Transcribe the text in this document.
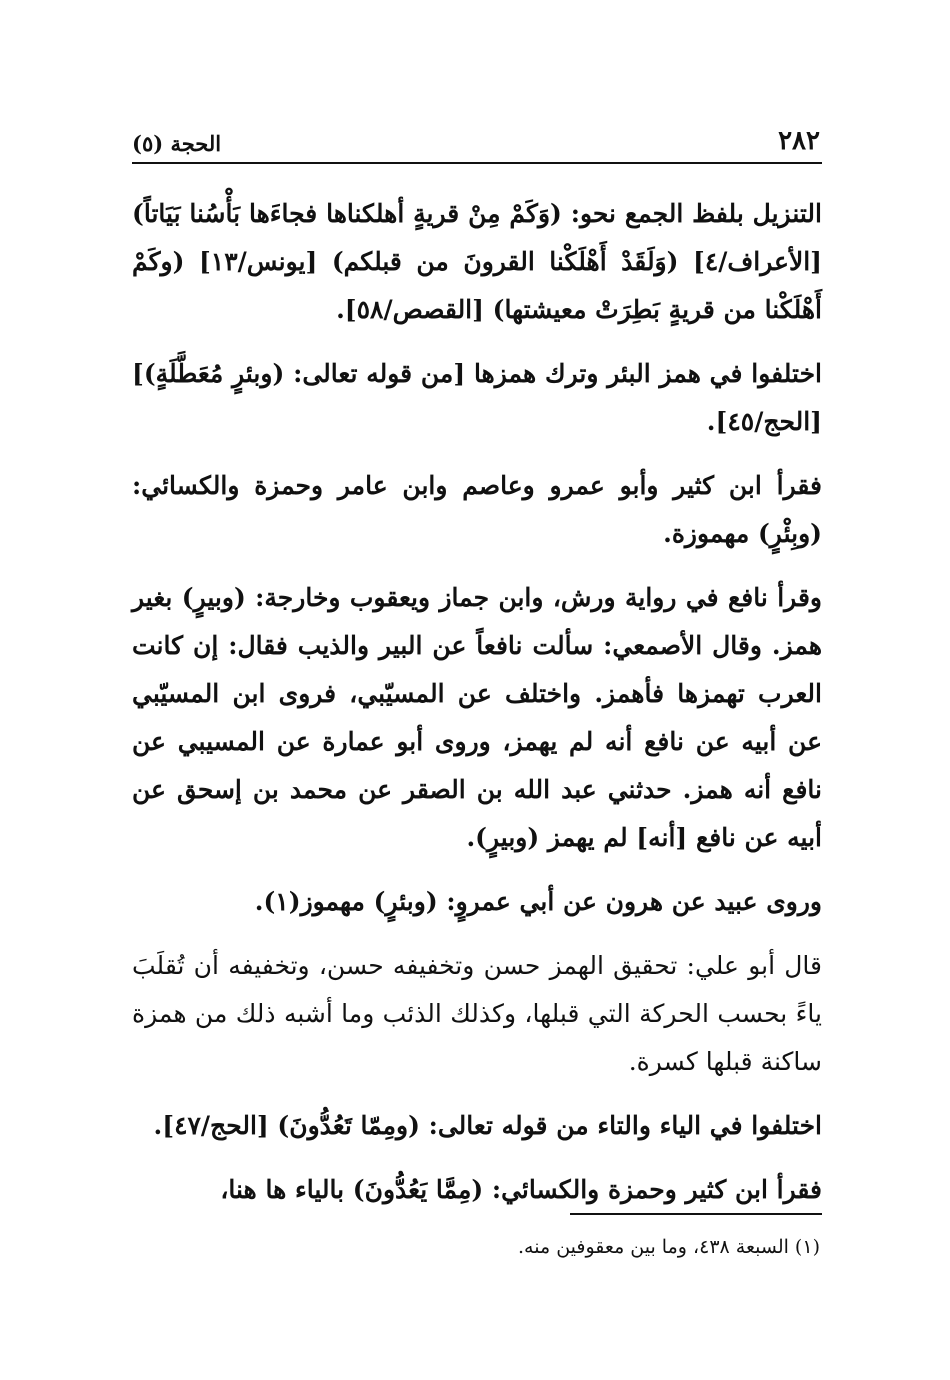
٢٨٢
الحجة (٥)

التنزيل بلفظ الجمع نحو: (وَكَمْ مِنْ قريةٍ أهلكناها فجاءَها بَأْسُنا بَيَاتاً) [الأعراف/٤] (وَلَقَدْ أَهْلَكْنا القرونَ من قبلكم) [يونس/١٣] (وكَمْ أَهْلَكْنا من قريةٍ بَطِرَتْ معيشتها) [القصص/٥٨].

اختلفوا في همز البئر وترك همزها [من قوله تعالى: (وبئرٍ مُعَطَّلَةٍ)] [الحج/٤٥].

فقرأ ابن كثير وأبو عمرو وعاصم وابن عامر وحمزة والكسائي: (وبِئْرٍ) مهموزة.

وقرأ نافع في رواية ورش، وابن جماز ويعقوب وخارجة: (وبيرٍ) بغير همز. وقال الأصمعي: سألت نافعاً عن البير والذيب فقال: إن كانت العرب تهمزها فأهمز. واختلف عن المسيّبي، فروى ابن المسيّبي عن أبيه عن نافع أنه لم يهمز، وروى أبو عمارة عن المسيبي عن نافع أنه همز. حدثني عبد الله بن الصقر عن محمد بن إسحق عن أبيه عن نافع [أنه] لم يهمز (وبيرٍ).

وروى عبيد عن هرون عن أبي عمروٍ: (وبئرٍ) مهموز(١).

قال أبو علي: تحقيق الهمز حسن وتخفيفه حسن، وتخفيفه أن تُقلَبَ ياءً بحسب الحركة التي قبلها، وكذلك الذئب وما أشبه ذلك من همزة ساكنة قبلها كسرة.

اختلفوا في الياء والتاء من قوله تعالى: (ومِمّا تَعُدُّونَ) [الحج/٤٧].

فقرأ ابن كثير وحمزة والكسائي: (مِمَّا يَعُدُّونَ) بالياء ها هنا،

(١) السبعة ٤٣٨، وما بين معقوفين منه.
